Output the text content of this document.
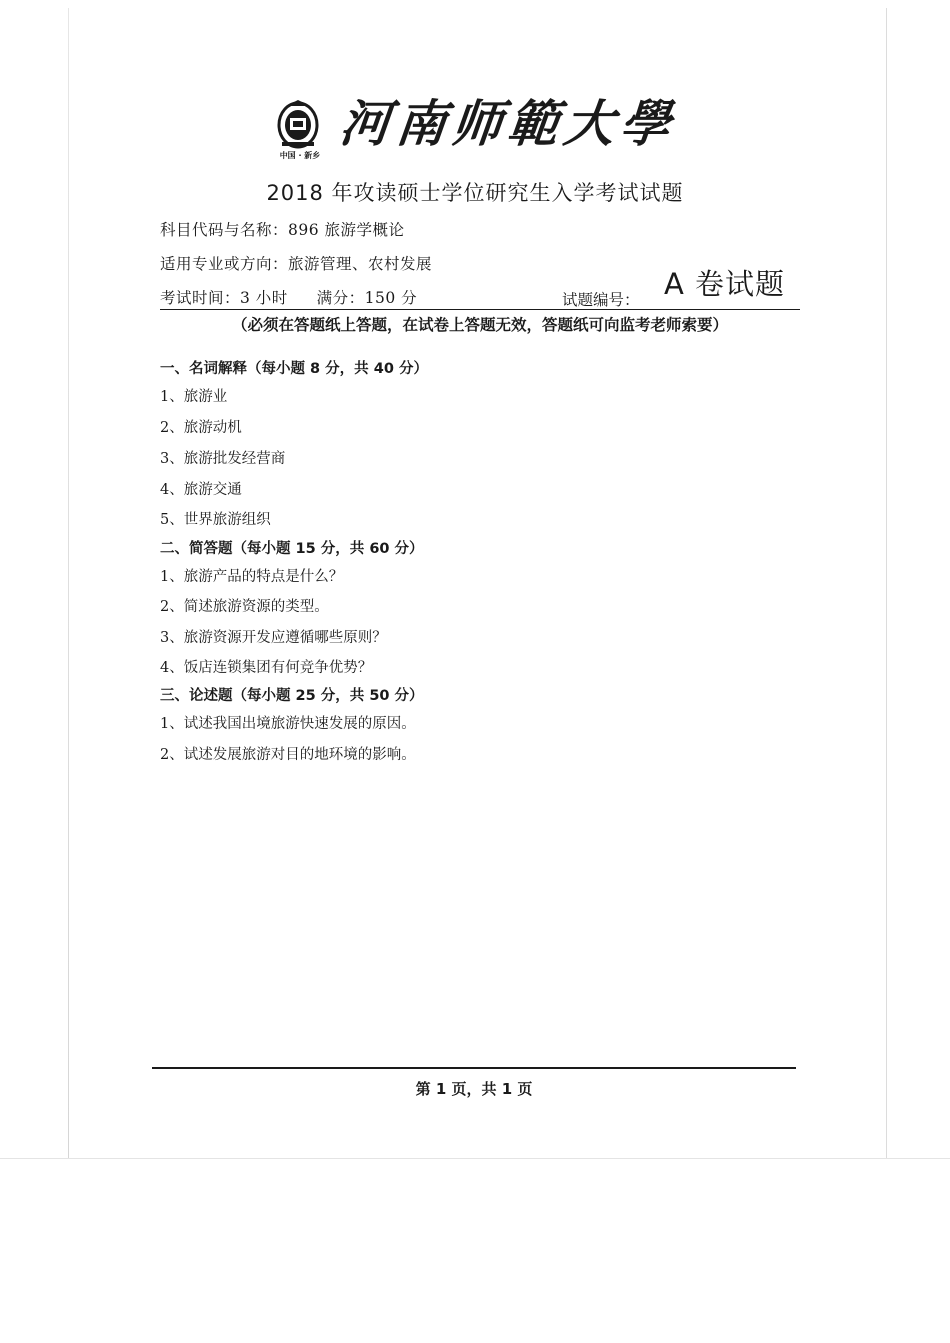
中国 · 新乡
河南师範大學
2018 年攻读硕士学位研究生入学考试试题
科目代码与名称：896 旅游学概论
适用专业或方向：旅游管理、农村发展
考试时间：3 小时 满分：150 分	试题编号： A 卷试题
（必须在答题纸上答题，在试卷上答题无效，答题纸可向监考老师索要）
一、名词解释（每小题 8 分，共 40 分）
1、旅游业
2、旅游动机
3、旅游批发经营商
4、旅游交通
5、世界旅游组织
二、简答题（每小题 15 分，共 60 分）
1、旅游产品的特点是什么？
2、简述旅游资源的类型。
3、旅游资源开发应遵循哪些原则？
4、饭店连锁集团有何竞争优势？
三、论述题（每小题 25 分，共 50 分）
1、试述我国出境旅游快速发展的原因。
2、试述发展旅游对目的地环境的影响。
第 1 页，共 1 页
